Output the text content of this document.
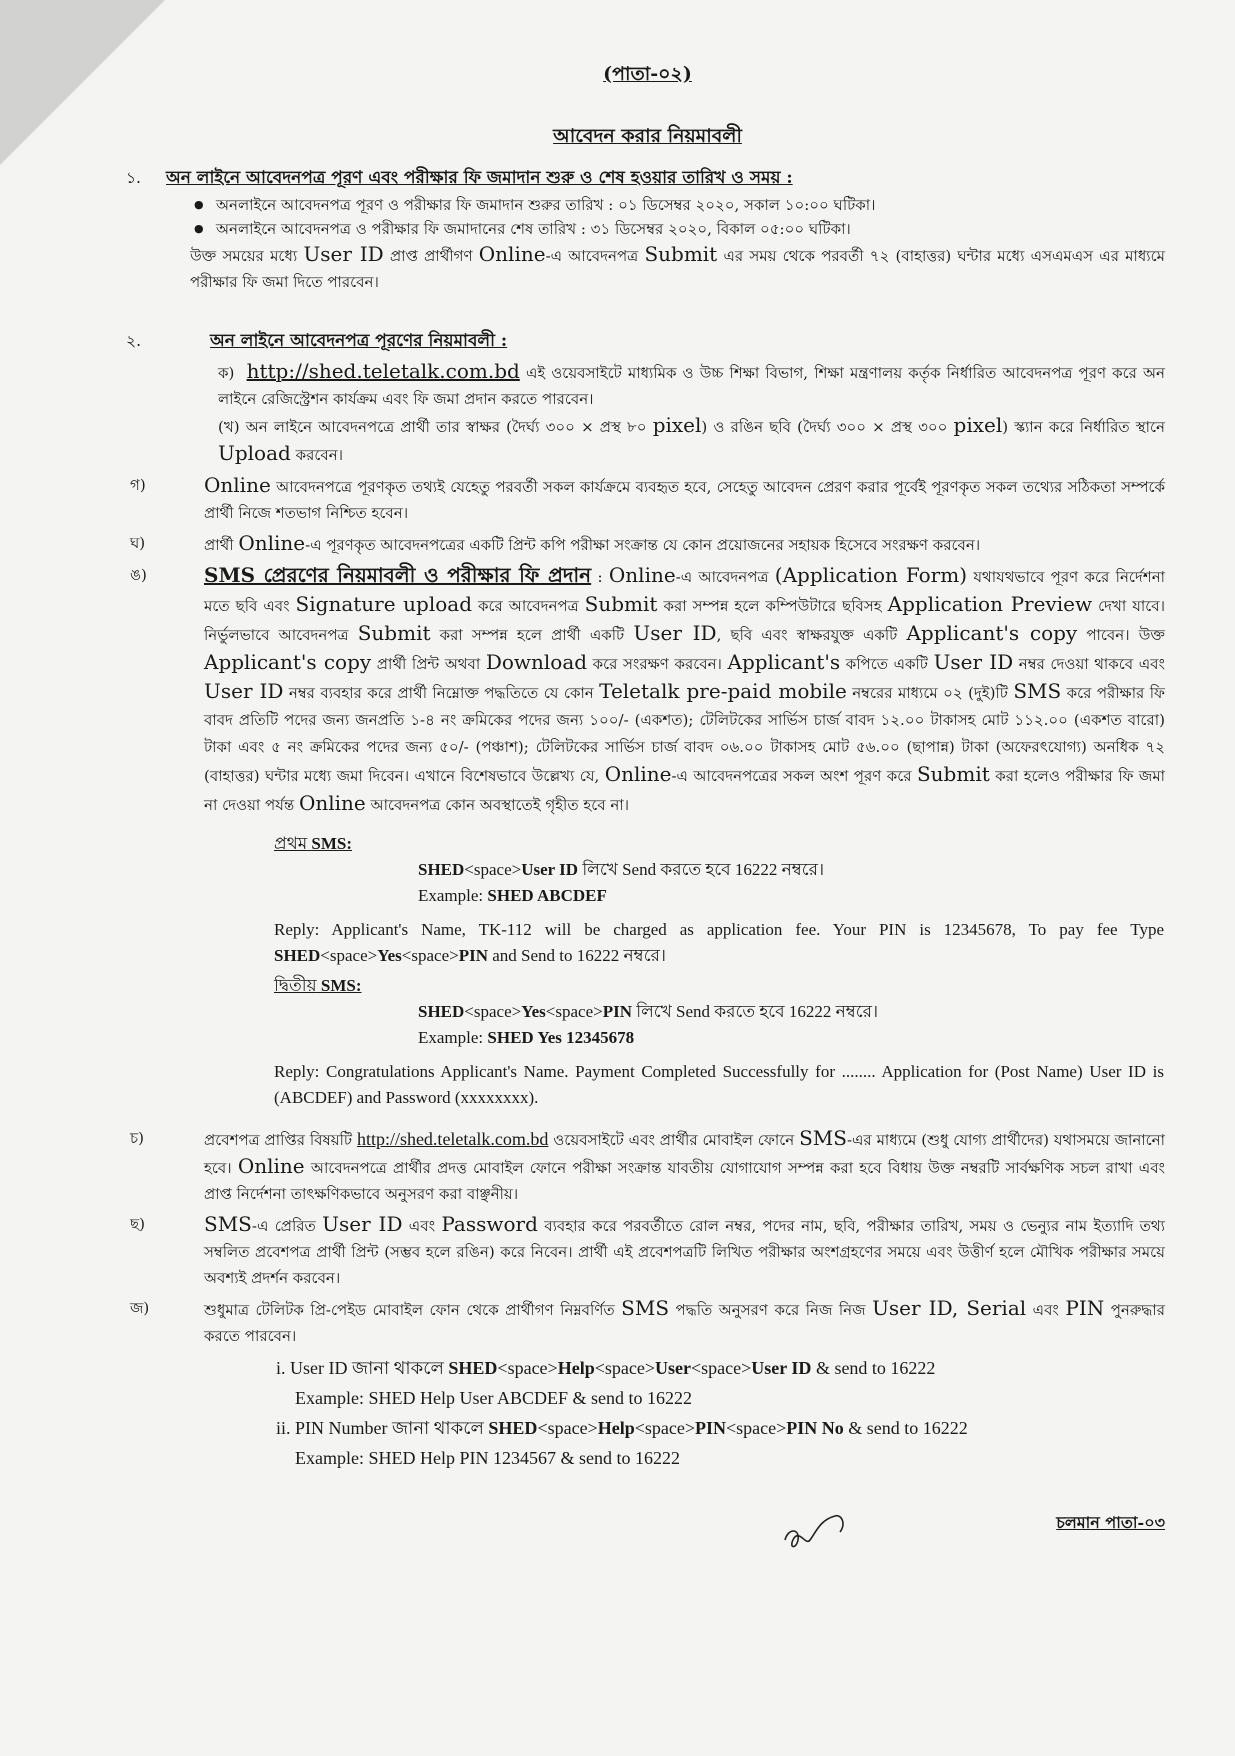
(পাতা-০২)
আবেদন করার নিয়মাবলী
১. অন লাইনে আবেদনপত্র পূরণ এবং পরীক্ষার ফি জমাদান শুরু ও শেষ হওয়ার তারিখ ও সময় :
● অনলাইনে আবেদনপত্র পূরণ ও পরীক্ষার ফি জমাদান শুরুর তারিখ : ০১ ডিসেম্বর ২০২০, সকাল ১০:০০ ঘটিকা।
● অনলাইনে আবেদনপত্র ও পরীক্ষার ফি জমাদানের শেষ তারিখ : ৩১ ডিসেম্বর ২০২০, বিকাল ০৫:০০ ঘটিকা।
উক্ত সময়ের মধ্যে User ID প্রাপ্ত প্রার্থীগণ Online-এ আবেদনপত্র Submit এর সময় থেকে পরবর্তী ৭২ (বাহাত্তর) ঘন্টার মধ্যে এসএমএস এর মাধ্যমে পরীক্ষার ফি জমা দিতে পারবেন।
২.	অন লাইনে আবেদনপত্র পূরণের নিয়মাবলী :
ক) http://shed.teletalk.com.bd এই ওয়েবসাইটে মাধ্যমিক ও উচ্চ শিক্ষা বিভাগ, শিক্ষা মন্ত্রণালয় কর্তৃক নির্ধারিত আবেদনপত্র পূরণ করে অন লাইনে রেজিস্ট্রেশন কার্যক্রম এবং ফি জমা প্রদান করতে পারবেন।
(খ) অন লাইনে আবেদনপত্রে প্রার্থী তার স্বাক্ষর (দৈর্ঘ্য ৩০০ × প্রস্থ ৮০ pixel) ও রঙিন ছবি (দৈর্ঘ্য ৩০০ × প্রস্থ ৩০০ pixel) স্ক্যান করে নির্ধারিত স্থানে Upload করবেন।
গ)	Online আবেদনপত্রে পূরণকৃত তথ্যই যেহেতু পরবর্তী সকল কার্যক্রমে ব্যবহৃত হবে, সেহেতু আবেদন প্রেরণ করার পূর্বেই পূরণকৃত সকল তথ্যের সঠিকতা সম্পর্কে প্রার্থী নিজে শতভাগ নিশ্চিত হবেন।
ঘ)	প্রার্থী Online-এ পূরণকৃত আবেদনপত্রের একটি প্রিন্ট কপি পরীক্ষা সংক্রান্ত যে কোন প্রয়োজনের সহায়ক হিসেবে সংরক্ষণ করবেন।
ঙ)	SMS প্রেরণের নিয়মাবলী ও পরীক্ষার ফি প্রদান : Online-এ আবেদনপত্র (Application Form) যথাযথভাবে পূরণ করে নির্দেশনা মতে ছবি এবং Signature upload করে আবেদনপত্র Submit করা সম্পন্ন হলে কম্পিউটারে ছবিসহ Application Preview দেখা যাবে। নির্ভুলভাবে আবেদনপত্র Submit করা সম্পন্ন হলে প্রার্থী একটি User ID, ছবি এবং স্বাক্ষরযুক্ত একটি Applicant's copy পাবেন। উক্ত Applicant's copy প্রার্থী প্রিন্ট অথবা Download করে সংরক্ষণ করবেন। Applicant's কপিতে একটি User ID নম্বর দেওয়া থাকবে এবং User ID নম্বর ব্যবহার করে প্রার্থী নিম্নোক্ত পদ্ধতিতে যে কোন Teletalk pre-paid mobile নম্বরের মাধ্যমে ০২ (দুই)টি SMS করে পরীক্ষার ফি বাবদ প্রতিটি পদের জন্য জনপ্রতি ১-৪ নং ক্রমিকের পদের জন্য ১০০/- (একশত); টেলিটকের সার্ভিস চার্জ বাবদ ১২.০০ টাকাসহ মোট ১১২.০০ (একশত বারো) টাকা এবং ৫ নং ক্রমিকের পদের জন্য ৫০/- (পঞ্চাশ); টেলিটকের সার্ভিস চার্জ বাবদ ০৬.০০ টাকাসহ মোট ৫৬.০০ (ছাপান্ন) টাকা (অফেরৎযোগ্য) অনধিক ৭২ (বাহাত্তর) ঘন্টার মধ্যে জমা দিবেন। এখানে বিশেষভাবে উল্লেখ্য যে, Online-এ আবেদনপত্রের সকল অংশ পূরণ করে Submit করা হলেও পরীক্ষার ফি জমা না দেওয়া পর্যন্ত Online আবেদনপত্র কোন অবস্থাতেই গৃহীত হবে না।
প্রথম SMS:
SHED<space>User ID লিখে Send করতে হবে 16222 নম্বরে।
Example: SHED ABCDEF
Reply: Applicant's Name, TK-112 will be charged as application fee. Your PIN is 12345678, To pay fee Type SHED<space>Yes<space>PIN and Send to 16222 নম্বরে।
দ্বিতীয় SMS:
SHED<space>Yes<space>PIN লিখে Send করতে হবে 16222 নম্বরে।
Example: SHED Yes 12345678
Reply: Congratulations Applicant's Name. Payment Completed Successfully for ........ Application for (Post Name) User ID is (ABCDEF) and Password (xxxxxxxx).
চ)	প্রবেশপত্র প্রাপ্তির বিষয়টি http://shed.teletalk.com.bd ওয়েবসাইটে এবং প্রার্থীর মোবাইল ফোনে SMS-এর মাধ্যমে (শুধু যোগ্য প্রার্থীদের) যথাসময়ে জানানো হবে। Online আবেদনপত্রে প্রার্থীর প্রদত্ত মোবাইল ফোনে পরীক্ষা সংক্রান্ত যাবতীয় যোগাযোগ সম্পন্ন করা হবে বিধায় উক্ত নম্বরটি সার্বক্ষণিক সচল রাখা এবং প্রাপ্ত নির্দেশনা তাৎক্ষণিকভাবে অনুসরণ করা বাঞ্ছনীয়।
ছ)	SMS-এ প্রেরিত User ID এবং Password ব্যবহার করে পরবর্তীতে রোল নম্বর, পদের নাম, ছবি, পরীক্ষার তারিখ, সময় ও ভেন্যুর নাম ইত্যাদি তথ্য সম্বলিত প্রবেশপত্র প্রার্থী প্রিন্ট (সম্ভব হলে রঙিন) করে নিবেন। প্রার্থী এই প্রবেশপত্রটি লিখিত পরীক্ষার অংশগ্রহণের সময়ে এবং উত্তীর্ণ হলে মৌখিক পরীক্ষার সময়ে অবশ্যই প্রদর্শন করবেন।
জ)	শুধুমাত্র টেলিটক প্রি-পেইড মোবাইল ফোন থেকে প্রার্থীগণ নিম্নবর্ণিত SMS পদ্ধতি অনুসরণ করে নিজ নিজ User ID, Serial এবং PIN পুনরুদ্ধার করতে পারবেন।
i. User ID জানা থাকলে SHED<space>Help<space>User<space>User ID & send to 16222
Example: SHED Help User ABCDEF & send to 16222
ii. PIN Number জানা থাকলে SHED<space>Help<space>PIN<space>PIN No & send to 16222
Example: SHED Help PIN 1234567 & send to 16222
চলমান পাতা-০৩
